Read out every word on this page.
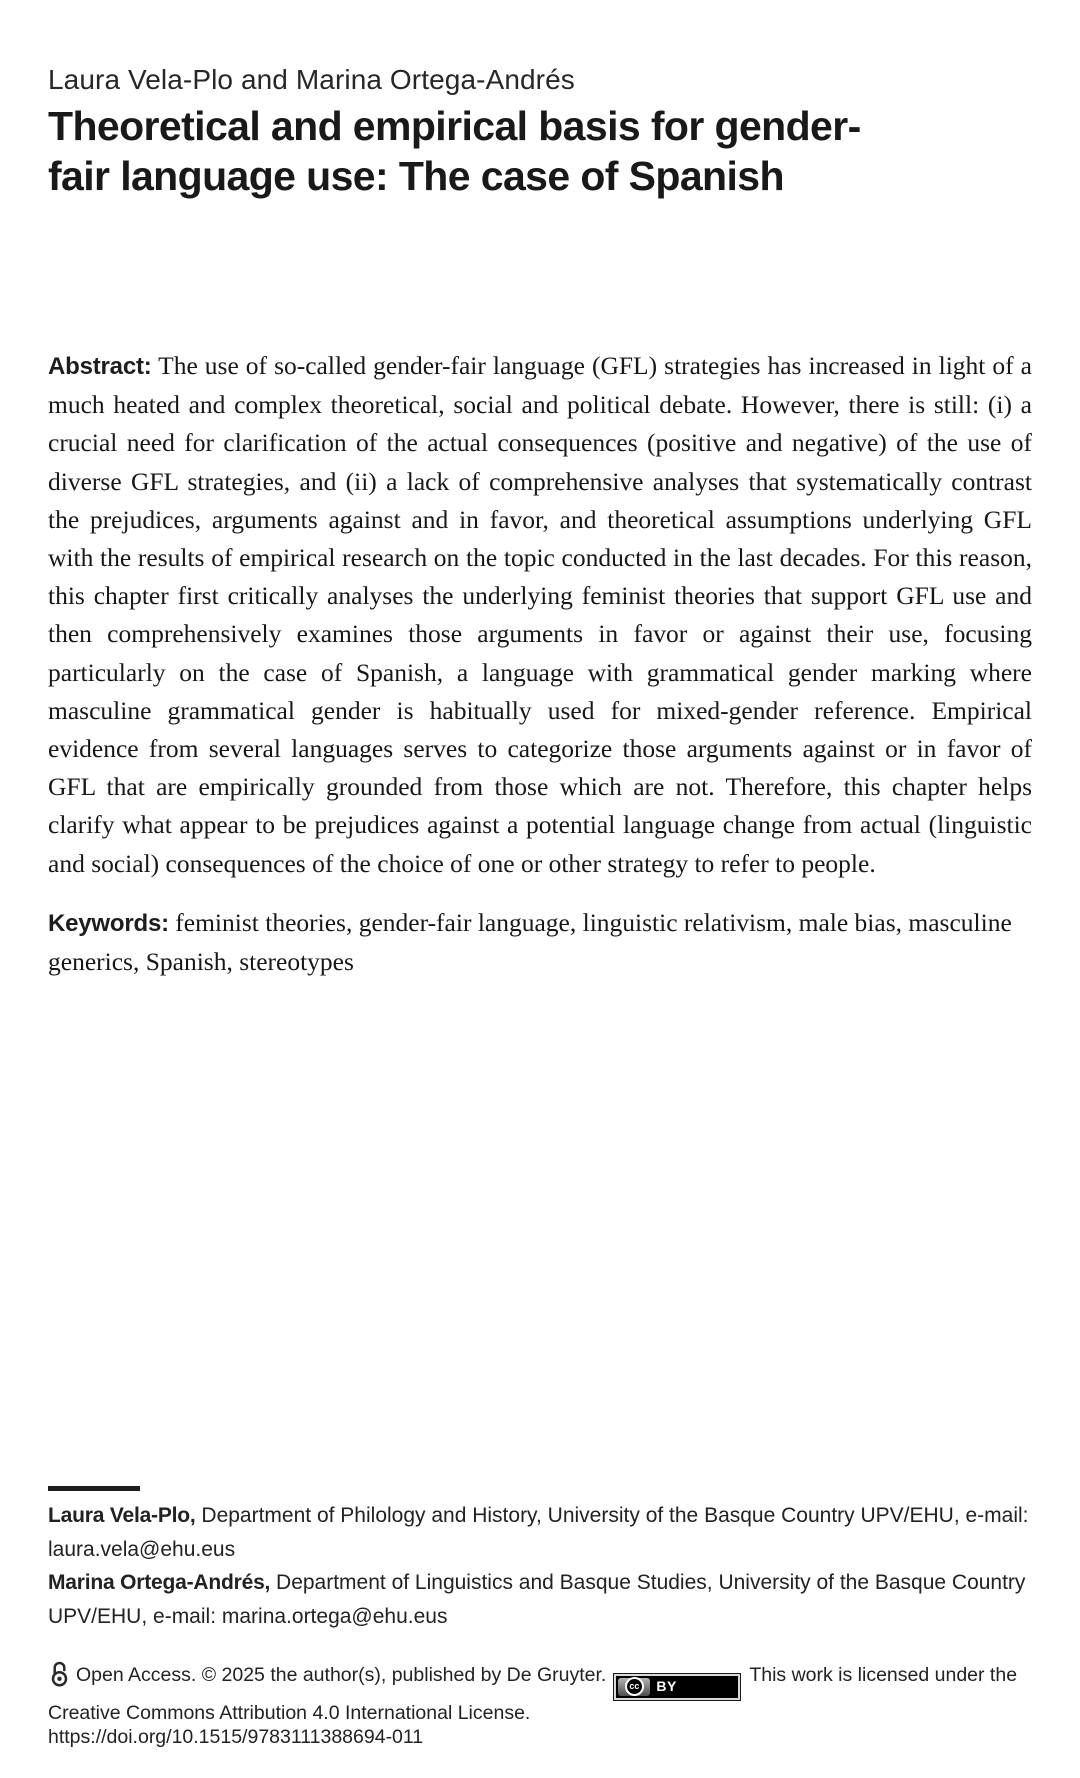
Laura Vela-Plo and Marina Ortega-Andrés
Theoretical and empirical basis for gender-fair language use: The case of Spanish

Abstract: The use of so-called gender-fair language (GFL) strategies has increased in light of a much heated and complex theoretical, social and political debate. However, there is still: (i) a crucial need for clarification of the actual consequences (positive and negative) of the use of diverse GFL strategies, and (ii) a lack of comprehensive analyses that systematically contrast the prejudices, arguments against and in favor, and theoretical assumptions underlying GFL with the results of empirical research on the topic conducted in the last decades. For this reason, this chapter first critically analyses the underlying feminist theories that support GFL use and then comprehensively examines those arguments in favor or against their use, focusing particularly on the case of Spanish, a language with grammatical gender marking where masculine grammatical gender is habitually used for mixed-gender reference. Empirical evidence from several languages serves to categorize those arguments against or in favor of GFL that are empirically grounded from those which are not. Therefore, this chapter helps clarify what appear to be prejudices against a potential language change from actual (linguistic and social) consequences of the choice of one or other strategy to refer to people.

Keywords: feminist theories, gender-fair language, linguistic relativism, male bias, masculine generics, Spanish, stereotypes

Laura Vela-Plo, Department of Philology and History, University of the Basque Country UPV/EHU, e-mail: laura.vela@ehu.eus

Marina Ortega-Andrés, Department of Linguistics and Basque Studies, University of the Basque Country UPV/EHU, e-mail: marina.ortega@ehu.eus

Open Access. © 2025 the author(s), published by De Gruyter.	cc	BY
This work is licensed under the Creative Commons Attribution 4.0 International License.

https://doi.org/10.1515/9783111388694-011
